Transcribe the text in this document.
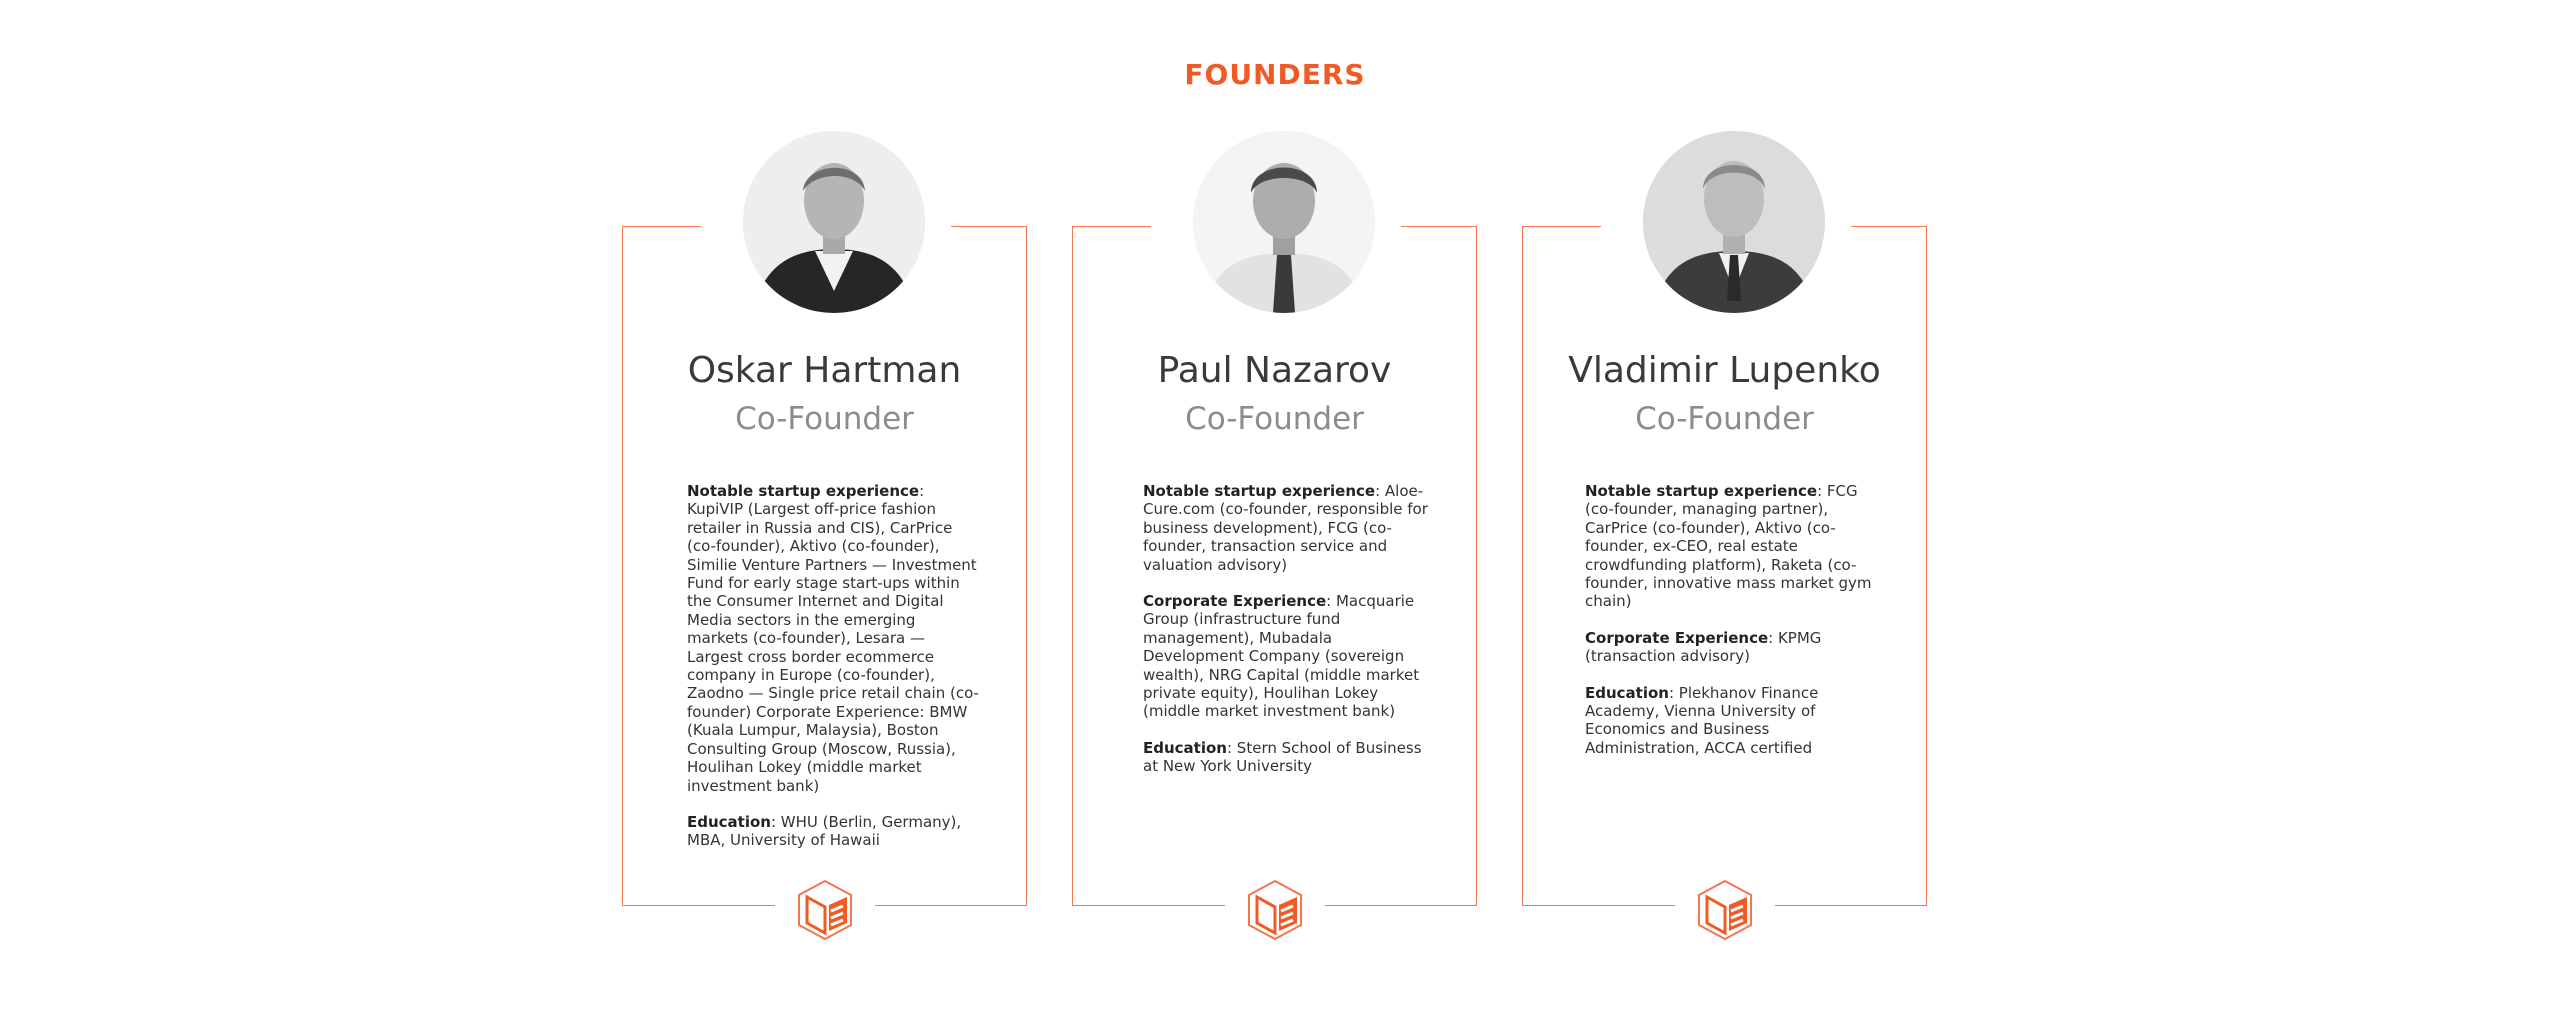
FOUNDERS
Oskar Hartman
Co-Founder

Notable startup experience: KupiVIP (Largest off-price fashion retailer in Russia and CIS), CarPrice (co-founder), Aktivo (co-founder), Similie Venture Partners — Investment Fund for early stage start-ups within the Consumer Internet and Digital Media sectors in the emerging markets (co-founder), Lesara — Largest cross border ecommerce company in Europe (co-founder), Zaodno — Single price retail chain (co-founder) Corporate Experience: BMW (Kuala Lumpur, Malaysia), Boston Consulting Group (Moscow, Russia), Houlihan Lokey (middle market investment bank)

Education: WHU (Berlin, Germany), MBA, University of Hawaii

Paul Nazarov
Co-Founder

Notable startup experience: Aloe-Cure.com (co-founder, responsible for business development), FCG (co-founder, transaction service and valuation advisory)

Corporate Experience: Macquarie Group (infrastructure fund management), Mubadala Development Company (sovereign wealth), NRG Capital (middle market private equity), Houlihan Lokey (middle market investment bank)

Education: Stern School of Business at New York University

Vladimir Lupenko
Co-Founder

Notable startup experience: FCG (co-founder, managing partner), CarPrice (co-founder), Aktivo (co-founder, ex-CEO, real estate crowdfunding platform), Raketa (co-founder, innovative mass market gym chain)

Corporate Experience: KPMG (transaction advisory)

Education: Plekhanov Finance Academy, Vienna University of Economics and Business Administration, ACCA certified
